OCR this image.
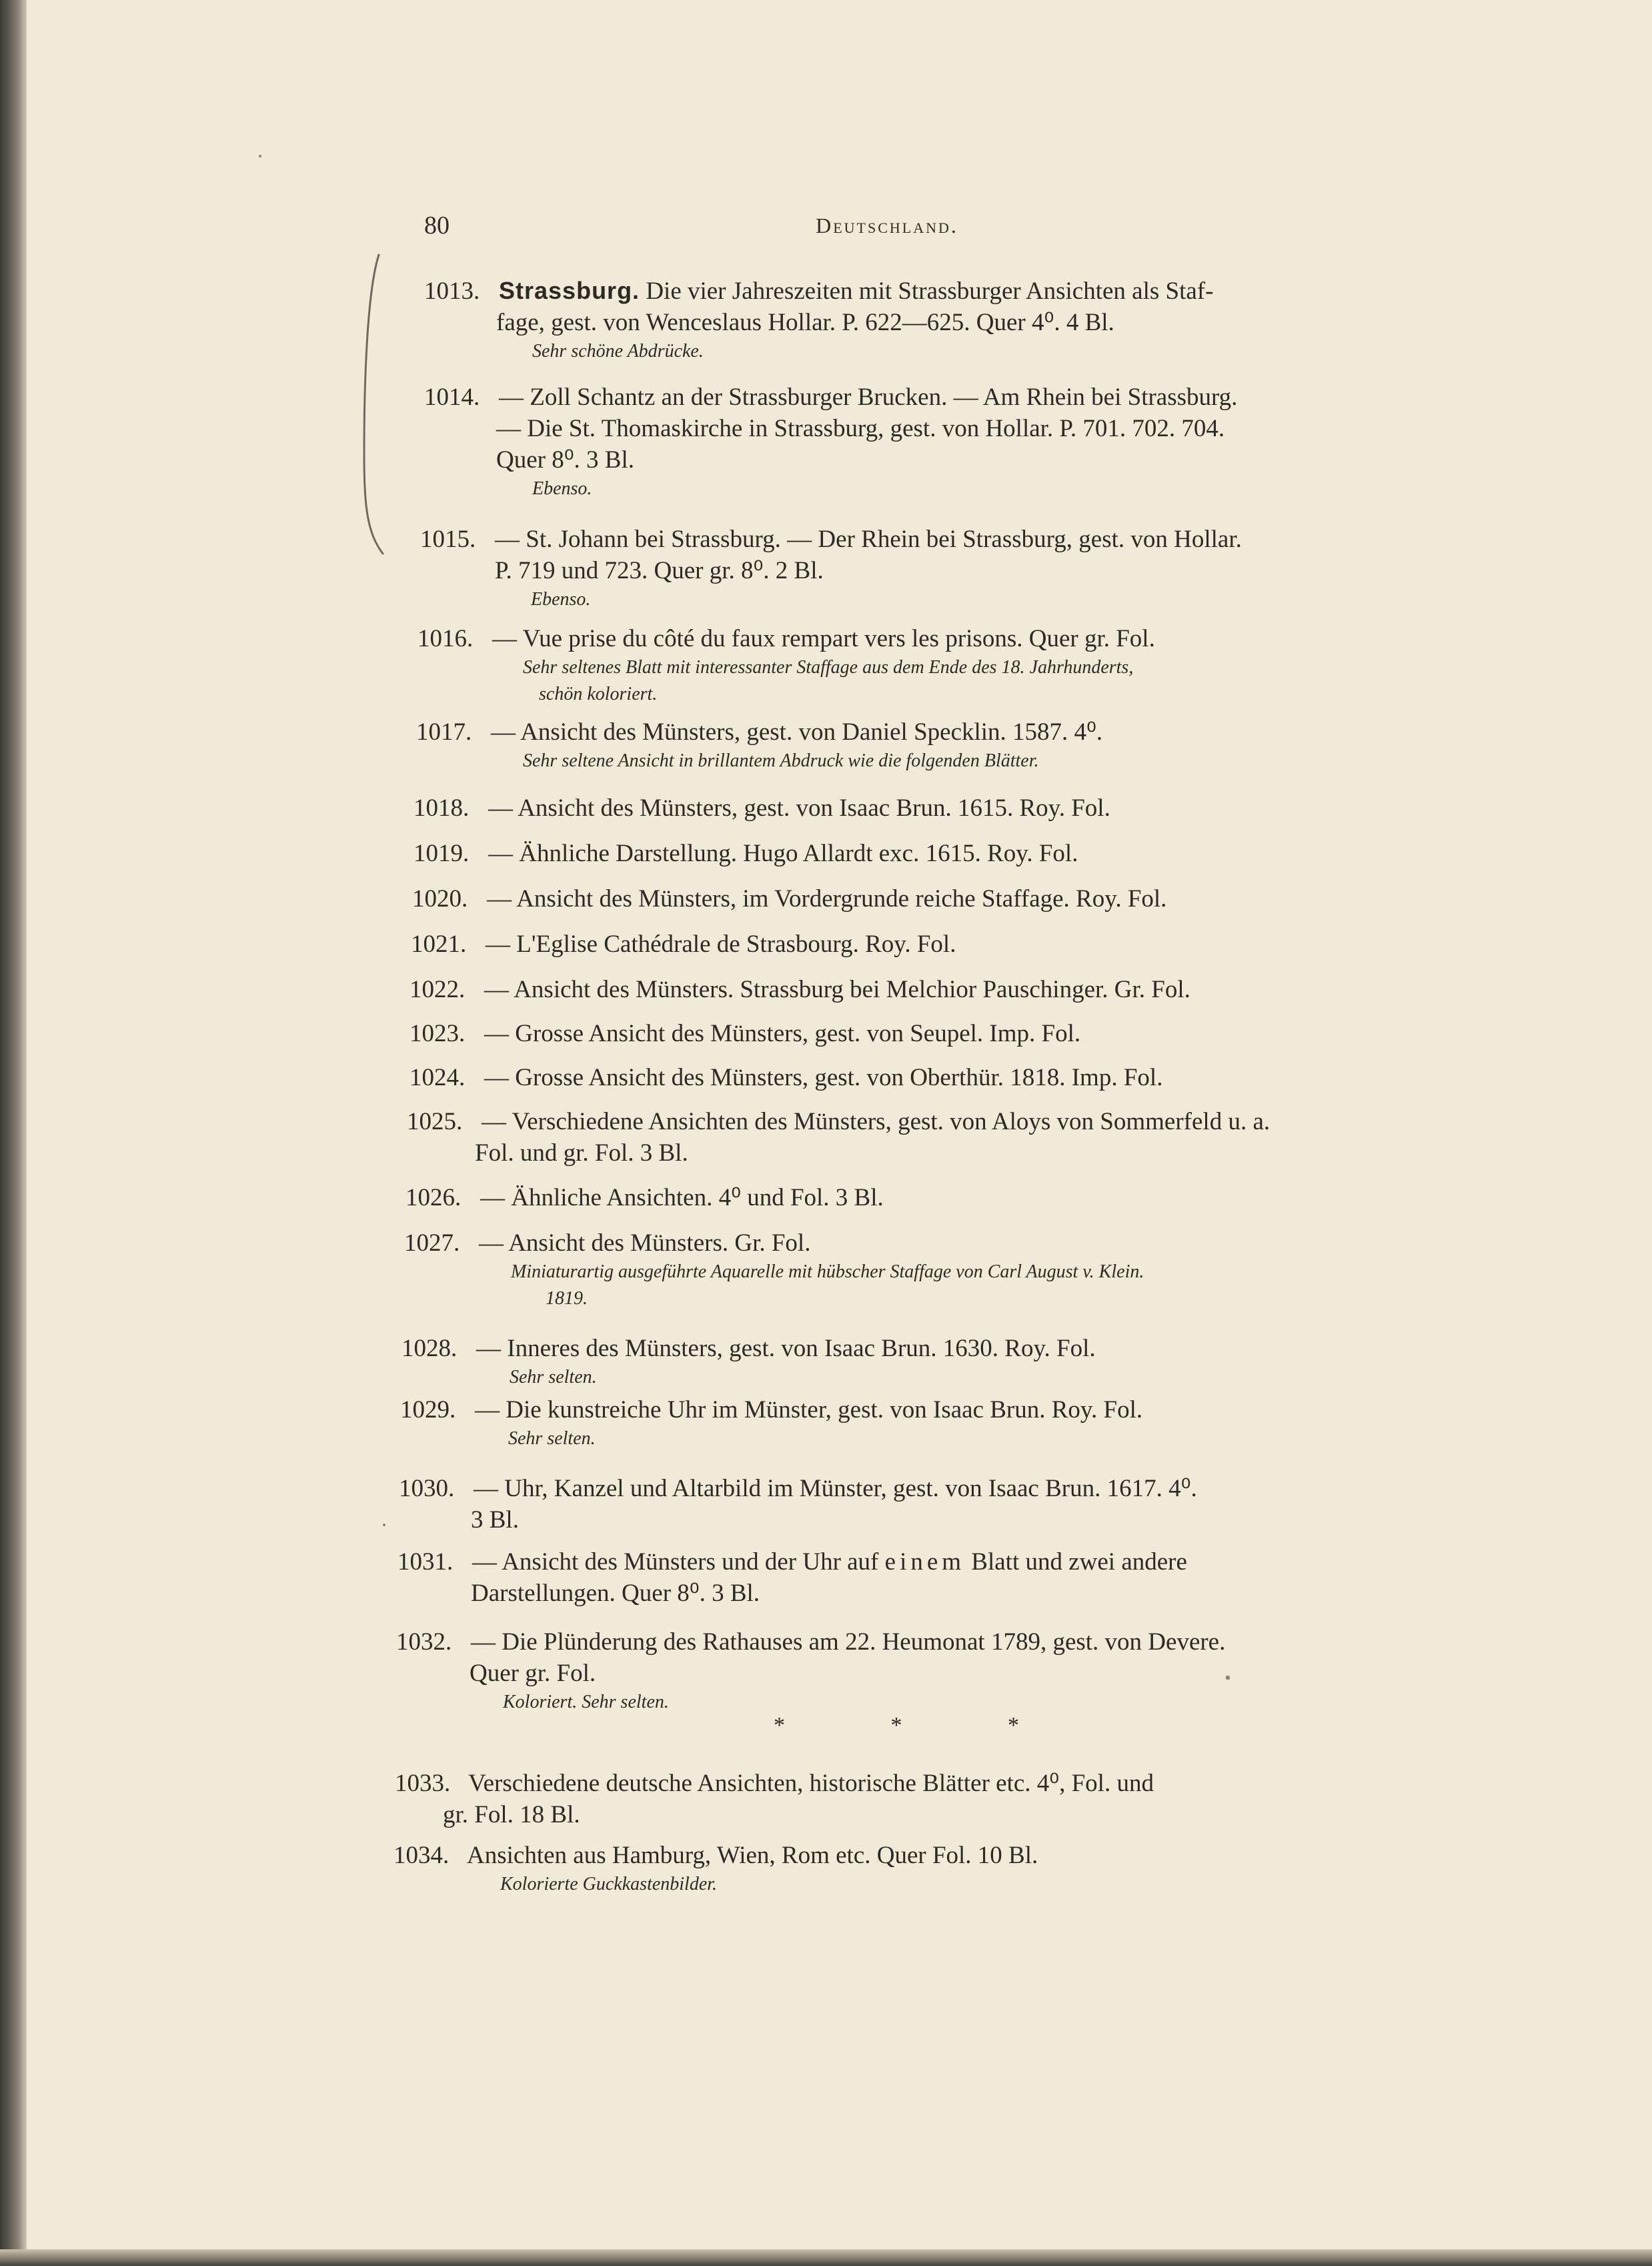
80	Deutschland.
1013. Strassburg. Die vier Jahreszeiten mit Strassburger Ansichten als Staf-
fage, gest. von Wenceslaus Hollar. P. 622—625. Quer 4⁰. 4 Bl.
Sehr schöne Abdrücke.
1014. — Zoll Schantz an der Strassburger Brucken. — Am Rhein bei Strassburg.
— Die St. Thomaskirche in Strassburg, gest. von Hollar. P. 701. 702. 704.
Quer 8⁰. 3 Bl.
Ebenso.
1015. — St. Johann bei Strassburg. — Der Rhein bei Strassburg, gest. von Hollar.
P. 719 und 723. Quer gr. 8⁰. 2 Bl.
Ebenso.
1016. — Vue prise du côté du faux rempart vers les prisons. Quer gr. Fol.
Sehr seltenes Blatt mit interessanter Staffage aus dem Ende des 18. Jahrhunderts,
schön koloriert.
1017. — Ansicht des Münsters, gest. von Daniel Specklin. 1587. 4⁰.
Sehr seltene Ansicht in brillantem Abdruck wie die folgenden Blätter.
1018. — Ansicht des Münsters, gest. von Isaac Brun. 1615. Roy. Fol.
1019. — Ähnliche Darstellung. Hugo Allardt exc. 1615. Roy. Fol.
1020. — Ansicht des Münsters, im Vordergrunde reiche Staffage. Roy. Fol.
1021. — L'Eglise Cathédrale de Strasbourg. Roy. Fol.
1022. — Ansicht des Münsters. Strassburg bei Melchior Pauschinger. Gr. Fol.
1023. — Grosse Ansicht des Münsters, gest. von Seupel. Imp. Fol.
1024. — Grosse Ansicht des Münsters, gest. von Oberthür. 1818. Imp. Fol.
1025. — Verschiedene Ansichten des Münsters, gest. von Aloys von Sommerfeld u. a.
Fol. und gr. Fol. 3 Bl.
1026. — Ähnliche Ansichten. 4⁰ und Fol. 3 Bl.
1027. — Ansicht des Münsters. Gr. Fol.
Miniaturartig ausgeführte Aquarelle mit hübscher Staffage von Carl August v. Klein.
1819.
1028. — Inneres des Münsters, gest. von Isaac Brun. 1630. Roy. Fol.
Sehr selten.
1029. — Die kunstreiche Uhr im Münster, gest. von Isaac Brun. Roy. Fol.
Sehr selten.
1030. — Uhr, Kanzel und Altarbild im Münster, gest. von Isaac Brun. 1617. 4⁰.
3 Bl.
1031. — Ansicht des Münsters und der Uhr auf einem Blatt und zwei andere
Darstellungen. Quer 8⁰. 3 Bl.
1032. — Die Plünderung des Rathauses am 22. Heumonat 1789, gest. von Devere.
Quer gr. Fol.
Koloriert. Sehr selten.
1033. Verschiedene deutsche Ansichten, historische Blätter etc. 4⁰, Fol. und
gr. Fol. 18 Bl.
1034. Ansichten aus Hamburg, Wien, Rom etc. Quer Fol. 10 Bl.
Kolorierte Guckkastenbilder.
* * *
